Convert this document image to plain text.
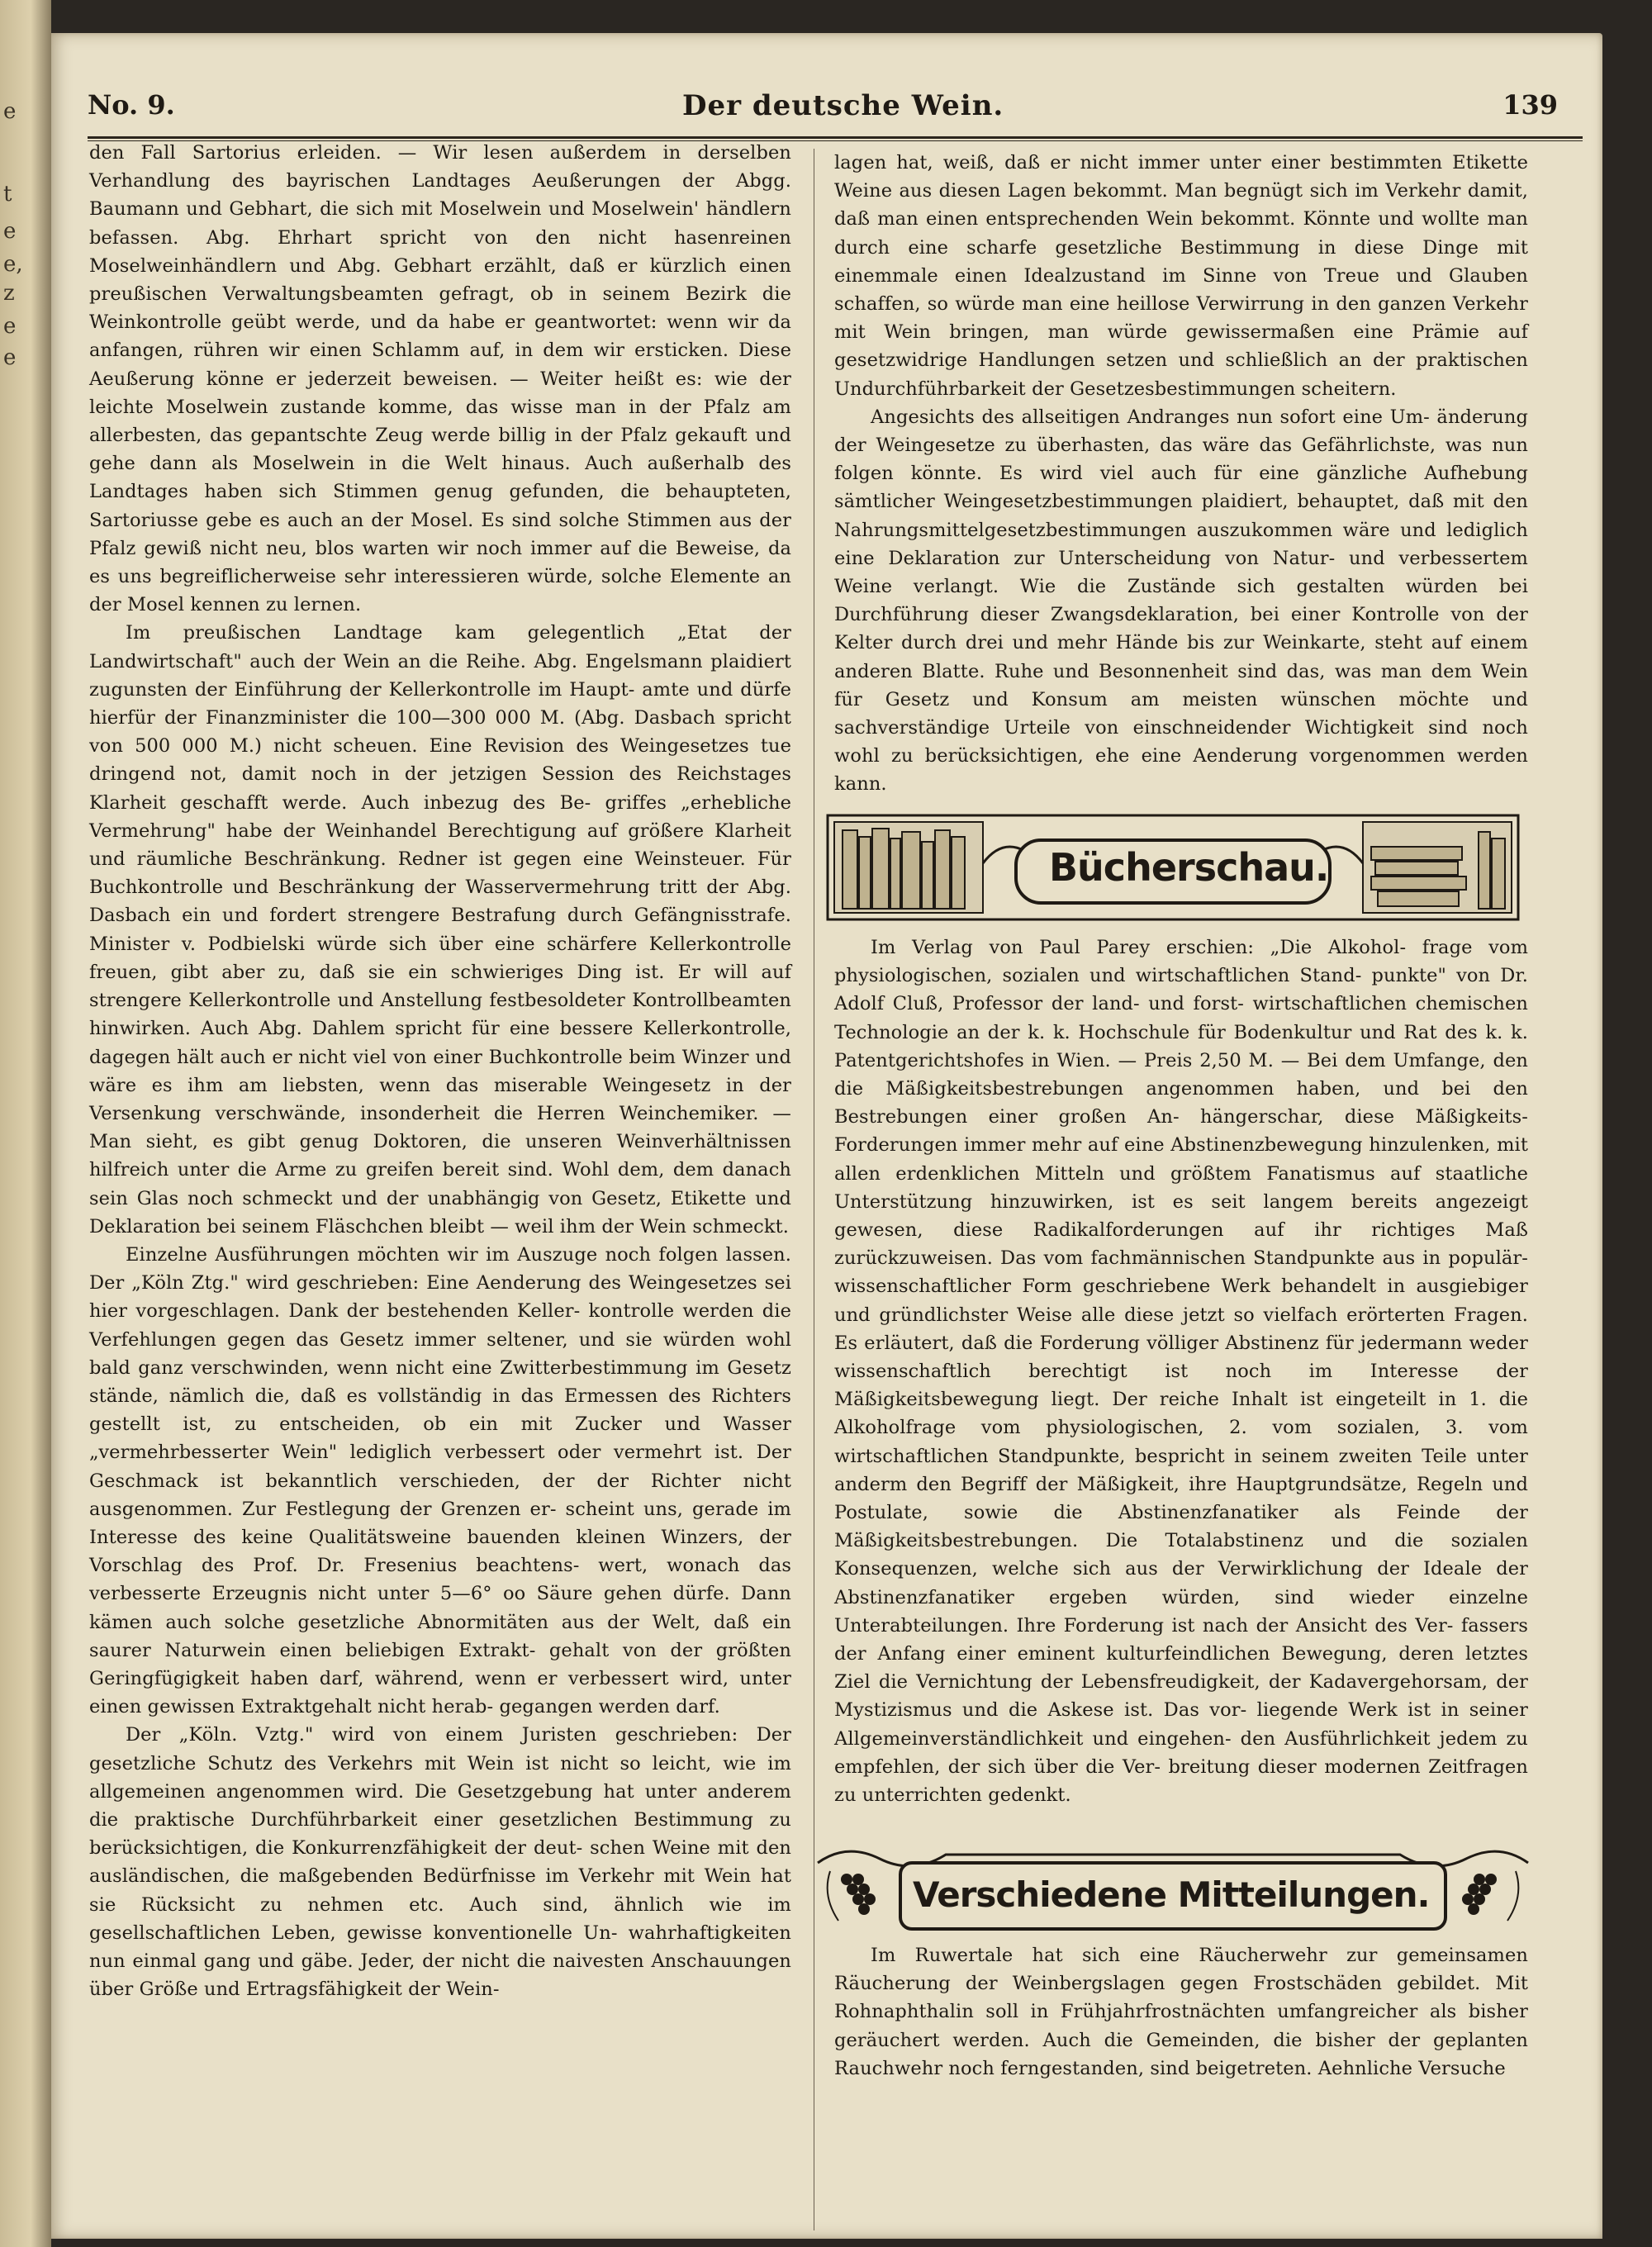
e
t
e
e,
z
e
e
No. 9.	Der deutsche Wein.	139

den Fall Sartorius erleiden. — Wir lesen außerdem in derselben Verhandlung des bayrischen Landtages Aeußerungen der Abgg. Baumann und Gebhart, die sich mit Moselwein und Moselwein' händlern befassen. Abg. Ehrhart spricht von den nicht hasenreinen Moselweinhändlern und Abg. Gebhart erzählt, daß er kürzlich einen preußischen Verwaltungsbeamten gefragt, ob in seinem Bezirk die Weinkontrolle geübt werde, und da habe er geantwortet: wenn wir da anfangen, rühren wir einen Schlamm auf, in dem wir ersticken. Diese Aeußerung könne er jederzeit beweisen. — Weiter heißt es: wie der leichte Moselwein zustande komme, das wisse man in der Pfalz am allerbesten, das gepantschte Zeug werde billig in der Pfalz gekauft und gehe dann als Moselwein in die Welt hinaus. Auch außerhalb des Landtages haben sich Stimmen genug gefunden, die behaupteten, Sartoriusse gebe es auch an der Mosel. Es sind solche Stimmen aus der Pfalz gewiß nicht neu, blos warten wir noch immer auf die Beweise, da es uns begreiflicherweise sehr interessieren würde, solche Elemente an der Mosel kennen zu lernen.

Im preußischen Landtage kam gelegentlich „Etat der Landwirtschaft" auch der Wein an die Reihe. Abg. Engelsmann plaidiert zugunsten der Einführung der Kellerkontrolle im Haupt- amte und dürfe hierfür der Finanzminister die 100—300 000 M. (Abg. Dasbach spricht von 500 000 M.) nicht scheuen. Eine Revision des Weingesetzes tue dringend not, damit noch in der jetzigen Session des Reichstages Klarheit geschafft werde. Auch inbezug des Be- griffes „erhebliche Vermehrung" habe der Weinhandel Berechtigung auf größere Klarheit und räumliche Beschränkung. Redner ist gegen eine Weinsteuer. Für Buchkontrolle und Beschränkung der Wasservermehrung tritt der Abg. Dasbach ein und fordert strengere Bestrafung durch Gefängnisstrafe. Minister v. Podbielski würde sich über eine schärfere Kellerkontrolle freuen, gibt aber zu, daß sie ein schwieriges Ding ist. Er will auf strengere Kellerkontrolle und Anstellung festbesoldeter Kontrollbeamten hinwirken. Auch Abg. Dahlem spricht für eine bessere Kellerkontrolle, dagegen hält auch er nicht viel von einer Buchkontrolle beim Winzer und wäre es ihm am liebsten, wenn das miserable Weingesetz in der Versenkung verschwände, insonderheit die Herren Weinchemiker. — Man sieht, es gibt genug Doktoren, die unseren Weinverhältnissen hilfreich unter die Arme zu greifen bereit sind. Wohl dem, dem danach sein Glas noch schmeckt und der unabhängig von Gesetz, Etikette und Deklaration bei seinem Fläschchen bleibt — weil ihm der Wein schmeckt.

Einzelne Ausführungen möchten wir im Auszuge noch folgen lassen. Der „Köln Ztg." wird geschrieben: Eine Aenderung des Weingesetzes sei hier vorgeschlagen. Dank der bestehenden Keller- kontrolle werden die Verfehlungen gegen das Gesetz immer seltener, und sie würden wohl bald ganz verschwinden, wenn nicht eine Zwitterbestimmung im Gesetz stände, nämlich die, daß es vollständig in das Ermessen des Richters gestellt ist, zu entscheiden, ob ein mit Zucker und Wasser „vermehrbesserter Wein" lediglich verbessert oder vermehrt ist. Der Geschmack ist bekanntlich verschieden, der der Richter nicht ausgenommen. Zur Festlegung der Grenzen er- scheint uns, gerade im Interesse des keine Qualitätsweine bauenden kleinen Winzers, der Vorschlag des Prof. Dr. Fresenius beachtens- wert, wonach das verbesserte Erzeugnis nicht unter 5—6° oo Säure gehen dürfe. Dann kämen auch solche gesetzliche Abnormitäten aus der Welt, daß ein saurer Naturwein einen beliebigen Extrakt- gehalt von der größten Geringfügigkeit haben darf, während, wenn er verbessert wird, unter einen gewissen Extraktgehalt nicht herab- gegangen werden darf.

Der „Köln. Vztg." wird von einem Juristen geschrieben: Der gesetzliche Schutz des Verkehrs mit Wein ist nicht so leicht, wie im allgemeinen angenommen wird. Die Gesetzgebung hat unter anderem die praktische Durchführbarkeit einer gesetzlichen Bestimmung zu berücksichtigen, die Konkurrenzfähigkeit der deut- schen Weine mit den ausländischen, die maßgebenden Bedürfnisse im Verkehr mit Wein hat sie Rücksicht zu nehmen etc. Auch sind, ähnlich wie im gesellschaftlichen Leben, gewisse konventionelle Un- wahrhaftigkeiten nun einmal gang und gäbe. Jeder, der nicht die naivesten Anschauungen über Größe und Ertragsfähigkeit der Wein-

lagen hat, weiß, daß er nicht immer unter einer bestimmten Etikette Weine aus diesen Lagen bekommt. Man begnügt sich im Verkehr damit, daß man einen entsprechenden Wein bekommt. Könnte und wollte man durch eine scharfe gesetzliche Bestimmung in diese Dinge mit einemmale einen Idealzustand im Sinne von Treue und Glauben schaffen, so würde man eine heillose Verwirrung in den ganzen Verkehr mit Wein bringen, man würde gewissermaßen eine Prämie auf gesetzwidrige Handlungen setzen und schließlich an der praktischen Undurchführbarkeit der Gesetzesbestimmungen scheitern.

Angesichts des allseitigen Andranges nun sofort eine Um- änderung der Weingesetze zu überhasten, das wäre das Gefährlichste, was nun folgen könnte. Es wird viel auch für eine gänzliche Aufhebung sämtlicher Weingesetzbestimmungen plaidiert, behauptet, daß mit den Nahrungsmittelgesetzbestimmungen auszukommen wäre und lediglich eine Deklaration zur Unterscheidung von Natur- und verbessertem Weine verlangt. Wie die Zustände sich gestalten würden bei Durchführung dieser Zwangsdeklaration, bei einer Kontrolle von der Kelter durch drei und mehr Hände bis zur Weinkarte, steht auf einem anderen Blatte. Ruhe und Besonnenheit sind das, was man dem Wein für Gesetz und Konsum am meisten wünschen möchte und sachverständige Urteile von einschneidender Wichtigkeit sind noch wohl zu berücksichtigen, ehe eine Aenderung vorgenommen werden kann.

Bücherschau.

Im Verlag von Paul Parey erschien: „Die Alkohol- frage vom physiologischen, sozialen und wirtschaftlichen Stand- punkte" von Dr. Adolf Cluß, Professor der land- und forst- wirtschaftlichen chemischen Technologie an der k. k. Hochschule für Bodenkultur und Rat des k. k. Patentgerichtshofes in Wien. — Preis 2,50 M. — Bei dem Umfange, den die Mäßigkeitsbestrebungen angenommen haben, und bei den Bestrebungen einer großen An- hängerschar, diese Mäßigkeits-Forderungen immer mehr auf eine Abstinenzbewegung hinzulenken, mit allen erdenklichen Mitteln und größtem Fanatismus auf staatliche Unterstützung hinzuwirken, ist es seit langem bereits angezeigt gewesen, diese Radikalforderungen auf ihr richtiges Maß zurückzuweisen. Das vom fachmännischen Standpunkte aus in populär-wissenschaftlicher Form geschriebene Werk behandelt in ausgiebiger und gründlichster Weise alle diese jetzt so vielfach erörterten Fragen. Es erläutert, daß die Forderung völliger Abstinenz für jedermann weder wissenschaftlich berechtigt ist noch im Interesse der Mäßigkeitsbewegung liegt. Der reiche Inhalt ist eingeteilt in 1. die Alkoholfrage vom physiologischen, 2. vom sozialen, 3. vom wirtschaftlichen Standpunkte, bespricht in seinem zweiten Teile unter anderm den Begriff der Mäßigkeit, ihre Hauptgrundsätze, Regeln und Postulate, sowie die Abstinenzfanatiker als Feinde der Mäßigkeitsbestrebungen. Die Totalabstinenz und die sozialen Konsequenzen, welche sich aus der Verwirklichung der Ideale der Abstinenzfanatiker ergeben würden, sind wieder einzelne Unterabteilungen. Ihre Forderung ist nach der Ansicht des Ver- fassers der Anfang einer eminent kulturfeindlichen Bewegung, deren letztes Ziel die Vernichtung der Lebensfreudigkeit, der Kadavergehorsam, der Mystizismus und die Askese ist. Das vor- liegende Werk ist in seiner Allgemeinverständlichkeit und eingehen- den Ausführlichkeit jedem zu empfehlen, der sich über die Ver- breitung dieser modernen Zeitfragen zu unterrichten gedenkt.

Verschiedene Mitteilungen.

Im Ruwertale hat sich eine Räucherwehr zur gemeinsamen Räucherung der Weinbergslagen gegen Frostschäden gebildet. Mit Rohnaphthalin soll in Frühjahrfrostnächten umfangreicher als bisher geräuchert werden. Auch die Gemeinden, die bisher der geplanten Rauchwehr noch ferngestanden, sind beigetreten. Aehnliche Versuche
